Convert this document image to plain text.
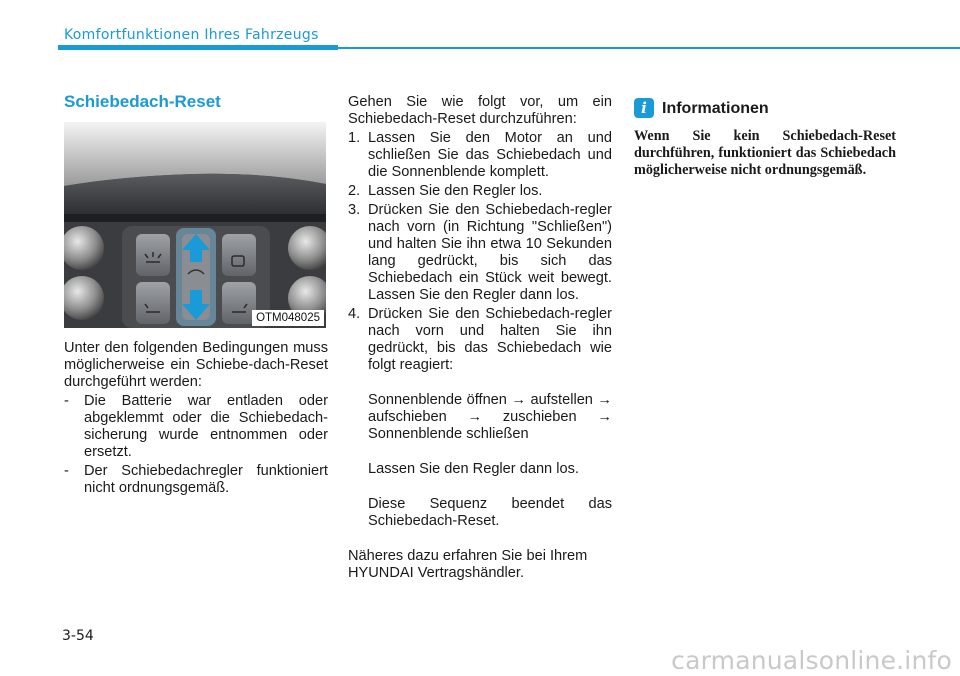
Komfortfunktionen Ihres Fahrzeugs
Schiebedach-Reset
OTM048025

Unter den folgenden Bedingungen muss möglicherweise ein Schiebe-dach-Reset durchgeführt werden:

- Die Batterie war entladen oder abgeklemmt oder die Schiebedach-sicherung wurde entnommen oder ersetzt.
- Der Schiebedachregler funktioniert nicht ordnungsgemäß.

Gehen Sie wie folgt vor, um ein Schiebedach-Reset durchzuführen:

1. Lassen Sie den Motor an und schließen Sie das Schiebedach und die Sonnenblende komplett.
2. Lassen Sie den Regler los.
3. Drücken Sie den Schiebedach-regler nach vorn (in Richtung "Schließen") und halten Sie ihn etwa 10 Sekunden lang gedrückt, bis sich das Schiebedach ein Stück weit bewegt. Lassen Sie den Regler dann los.
4. Drücken Sie den Schiebedach-regler nach vorn und halten Sie ihn gedrückt, bis das Schiebedach wie folgt reagiert:

Sonnenblende öffnen → aufstellen → aufschieben → zuschieben → Sonnenblende schließen

Lassen Sie den Regler dann los.

Diese Sequenz beendet das Schiebedach-Reset.

Näheres dazu erfahren Sie bei Ihrem HYUNDAI Vertragshändler.

i Informationen

Wenn Sie kein Schiebedach-Reset durchführen, funktioniert das Schiebedach möglicherweise nicht ordnungsgemäß.

3-54
carmanualsonline.info
